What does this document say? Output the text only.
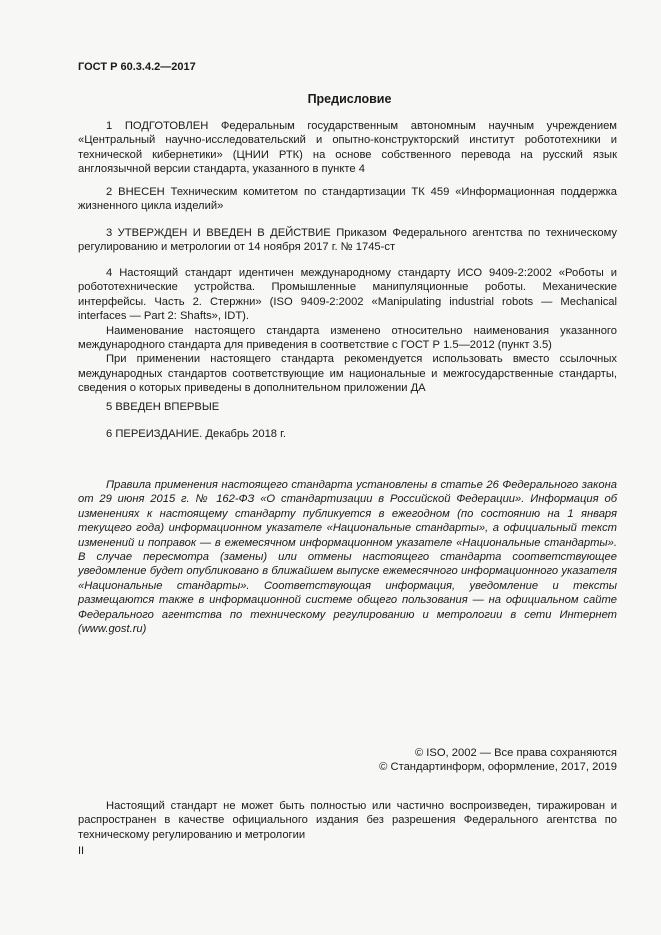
ГОСТ Р 60.3.4.2—2017
Предисловие

1 ПОДГОТОВЛЕН Федеральным государственным автономным научным учреждением «Центральный научно-исследовательский и опытно-конструкторский институт робототехники и технической кибернетики» (ЦНИИ РТК) на основе собственного перевода на русский язык англоязычной версии стандарта, указанного в пункте 4

2 ВНЕСЕН Техническим комитетом по стандартизации ТК 459 «Информационная поддержка жизненного цикла изделий»

3 УТВЕРЖДЕН И ВВЕДЕН В ДЕЙСТВИЕ Приказом Федерального агентства по техническому регулированию и метрологии от 14 ноября 2017 г. № 1745-ст

4 Настоящий стандарт идентичен международному стандарту ИСО 9409-2:2002 «Роботы и робототехнические устройства. Промышленные манипуляционные роботы. Механические интерфейсы. Часть 2. Стержни» (ISO 9409-2:2002 «Manipulating industrial robots — Mechanical interfaces — Part 2: Shafts», IDT).

Наименование настоящего стандарта изменено относительно наименования указанного международного стандарта для приведения в соответствие с ГОСТ Р 1.5—2012 (пункт 3.5)

При применении настоящего стандарта рекомендуется использовать вместо ссылочных международных стандартов соответствующие им национальные и межгосударственные стандарты, сведения о которых приведены в дополнительном приложении ДА

5 ВВЕДЕН ВПЕРВЫЕ

6 ПЕРЕИЗДАНИЕ. Декабрь 2018 г.

Правила применения настоящего стандарта установлены в статье 26 Федерального закона от 29 июня 2015 г. № 162-ФЗ «О стандартизации в Российской Федерации». Информация об изменениях к настоящему стандарту публикуется в ежегодном (по состоянию на 1 января текущего года) информационном указателе «Национальные стандарты», а официальный текст изменений и поправок — в ежемесячном информационном указателе «Национальные стандарты». В случае пересмотра (замены) или отмены настоящего стандарта соответствующее уведомление будет опубликовано в ближайшем выпуске ежемесячного информационного указателя «Национальные стандарты». Соответствующая информация, уведомление и тексты размещаются также в информационной системе общего пользования — на официальном сайте Федерального агентства по техническому регулированию и метрологии в сети Интернет (www.gost.ru)

© ISO, 2002 — Все права сохраняются
© Стандартинформ, оформление, 2017, 2019

Настоящий стандарт не может быть полностью или частично воспроизведен, тиражирован и распространен в качестве официального издания без разрешения Федерального агентства по техническому регулированию и метрологии

II
